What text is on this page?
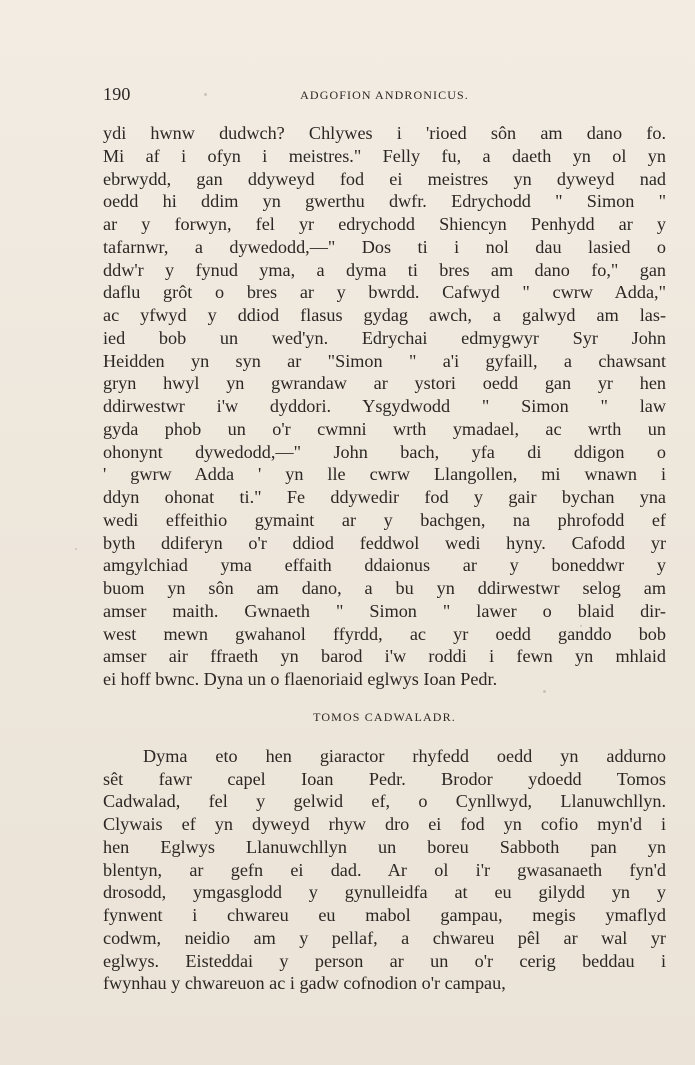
190	ADGOFION ANDRONICUS.
ydi hwnw dudwch? Chlywes i 'rioed sôn am dano fo.
Mi af i ofyn i meistres." Felly fu, a daeth yn ol yn
ebrwydd, gan ddyweyd fod ei meistres yn dyweyd nad
oedd hi ddim yn gwerthu dwfr. Edrychodd " Simon "
ar y forwyn, fel yr edrychodd Shiencyn Penhydd ar y
tafarnwr, a dywedodd,—" Dos ti i nol dau lasied o
ddw'r y fynud yma, a dyma ti bres am dano fo," gan
daflu grôt o bres ar y bwrdd. Cafwyd " cwrw Adda,"
ac yfwyd y ddiod flasus gydag awch, a galwyd am las-
ied bob un wed'yn. Edrychai edmygwyr Syr John
Heidden yn syn ar "Simon " a'i gyfaill, a chawsant
gryn hwyl yn gwrandaw ar ystori oedd gan yr hen
ddirwestwr i'w dyddori. Ysgydwodd " Simon " law
gyda phob un o'r cwmni wrth ymadael, ac wrth un
ohonynt dywedodd,—" John bach, yfa di ddigon o
' gwrw Adda ' yn lle cwrw Llangollen, mi wnawn i
ddyn ohonat ti." Fe ddywedir fod y gair bychan yna
wedi effeithio gymaint ar y bachgen, na phrofodd ef
byth ddiferyn o'r ddiod feddwol wedi hyny. Cafodd yr
amgylchiad yma effaith ddaionus ar y boneddwr y
buom yn sôn am dano, a bu yn ddirwestwr selog am
amser maith. Gwnaeth " Simon " lawer o blaid dir-
west mewn gwahanol ffyrdd, ac yr oedd ganddo bob
amser air ffraeth yn barod i'w roddi i fewn yn mhlaid
ei hoff bwnc. Dyna un o flaenoriaid eglwys Ioan Pedr.
TOMOS CADWALADR.
Dyma eto hen giaractor rhyfedd oedd yn addurno
sêt fawr capel Ioan Pedr. Brodor ydoedd Tomos
Cadwalad, fel y gelwid ef, o Cynllwyd, Llanuwchllyn.
Clywais ef yn dyweyd rhyw dro ei fod yn cofio myn'd i
hen Eglwys Llanuwchllyn un boreu Sabboth pan yn
blentyn, ar gefn ei dad. Ar ol i'r gwasanaeth fyn'd
drosodd, ymgasglodd y gynulleidfa at eu gilydd yn y
fynwent i chwareu eu mabol gampau, megis ymaflyd
codwm, neidio am y pellaf, a chwareu pêl ar wal yr
eglwys. Eisteddai y person ar un o'r cerig beddau i
fwynhau y chwareuon ac i gadw cofnodion o'r campau,
